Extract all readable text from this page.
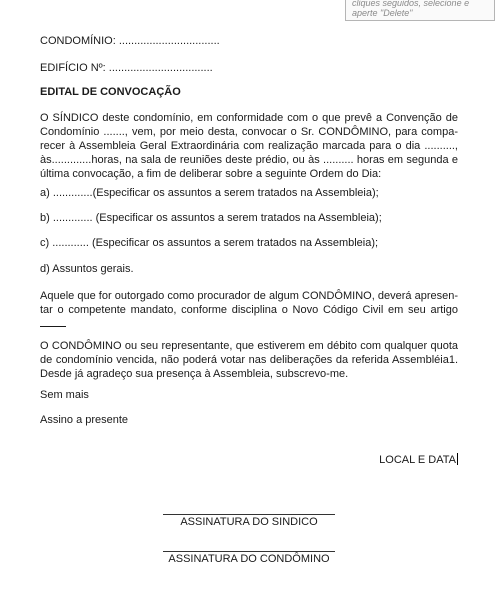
cliques seguidos, selecione e
aperte "Delete"
CONDOMÍNIO: .................................
EDIFÍCIO Nº: ..................................
EDITAL DE CONVOCAÇÃO
O SÍNDICO deste condomínio, em conformidade com o que prevê a Convenção de
Condomínio ......., vem, por meio desta, convocar o Sr. CONDÔMINO, para compa-
recer à Assembleia Geral Extraordinária com realização marcada para o dia ..........,
às.............horas, na sala de reuniões deste prédio, ou às .......... horas em segunda e
última convocação, a fim de deliberar sobre a seguinte Ordem do Dia:
a) .............(Especificar os assuntos a serem tratados na Assembleia);
b) ............. (Especificar os assuntos a serem tratados na Assembleia);
c) ............ (Especificar os assuntos a serem tratados na Assembleia);
d) Assuntos gerais.
Aquele que for outorgado como procurador de algum CONDÔMINO, deverá apresen-
tar o competente mandato, conforme disciplina o Novo Código Civil em seu artigo
O CONDÔMINO ou seu representante, que estiverem em débito com qualquer quota
de condomínio vencida, não poderá votar nas deliberações da referida Assembléia1.
Desde já agradeço sua presença à Assembleia, subscrevo-me.
Sem mais
Assino a presente
LOCAL E DATA
ASSINATURA DO SINDICO
ASSINATURA DO CONDÔMINO
